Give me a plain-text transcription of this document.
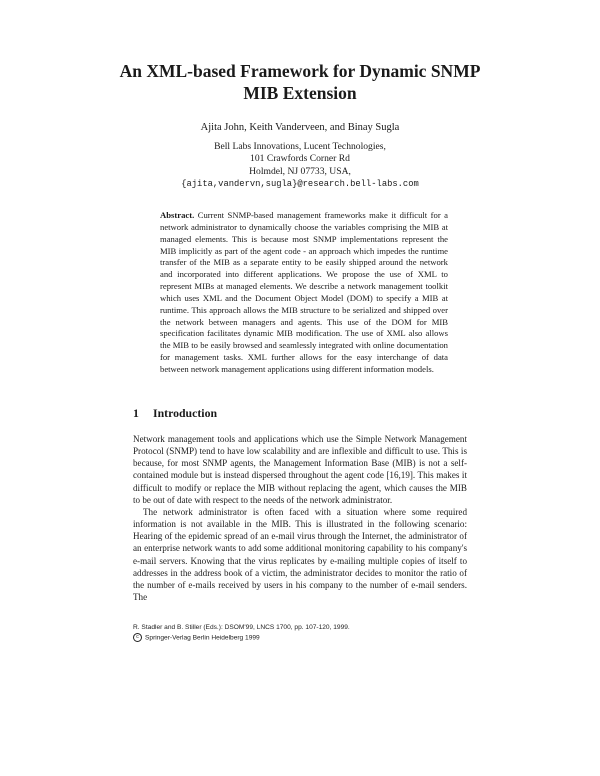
An XML-based Framework for Dynamic SNMP
MIB Extension
Ajita John, Keith Vanderveen, and Binay Sugla
Bell Labs Innovations, Lucent Technologies,
101 Crawfords Corner Rd
Holmdel, NJ 07733, USA,
{ajita,vandervn,sugla}@research.bell-labs.com
Abstract. Current SNMP-based management frameworks make it difficult for a network administrator to dynamically choose the variables comprising the MIB at managed elements. This is because most SNMP implementations represent the MIB implicitly as part of the agent code - an approach which impedes the runtime transfer of the MIB as a separate entity to be easily shipped around the network and incorporated into different applications. We propose the use of XML to represent MIBs at managed elements. We describe a network management toolkit which uses XML and the Document Object Model (DOM) to specify a MIB at runtime. This approach allows the MIB structure to be serialized and shipped over the network between managers and agents. This use of the DOM for MIB specification facilitates dynamic MIB modification. The use of XML also allows the MIB to be easily browsed and seamlessly integrated with online documentation for management tasks. XML further allows for the easy interchange of data between network management applications using different information models.
1 Introduction

Network management tools and applications which use the Simple Network Management Protocol (SNMP) tend to have low scalability and are inflexible and difficult to use. This is because, for most SNMP agents, the Management Information Base (MIB) is not a self-contained module but is instead dispersed throughout the agent code [16,19]. This makes it difficult to modify or replace the MIB without replacing the agent, which causes the MIB to be out of date with respect to the needs of the network administrator.

The network administrator is often faced with a situation where some required information is not available in the MIB. This is illustrated in the following scenario: Hearing of the epidemic spread of an e-mail virus through the Internet, the administrator of an enterprise network wants to add some additional monitoring capability to his company's e-mail servers. Knowing that the virus replicates by e-mailing multiple copies of itself to addresses in the address book of a victim, the administrator decides to monitor the ratio of the number of e-mails received by users in his company to the number of e-mail senders. The

R. Stadler and B. Stiller (Eds.): DSOM'99, LNCS 1700, pp. 107-120, 1999.
c Springer-Verlag Berlin Heidelberg 1999
